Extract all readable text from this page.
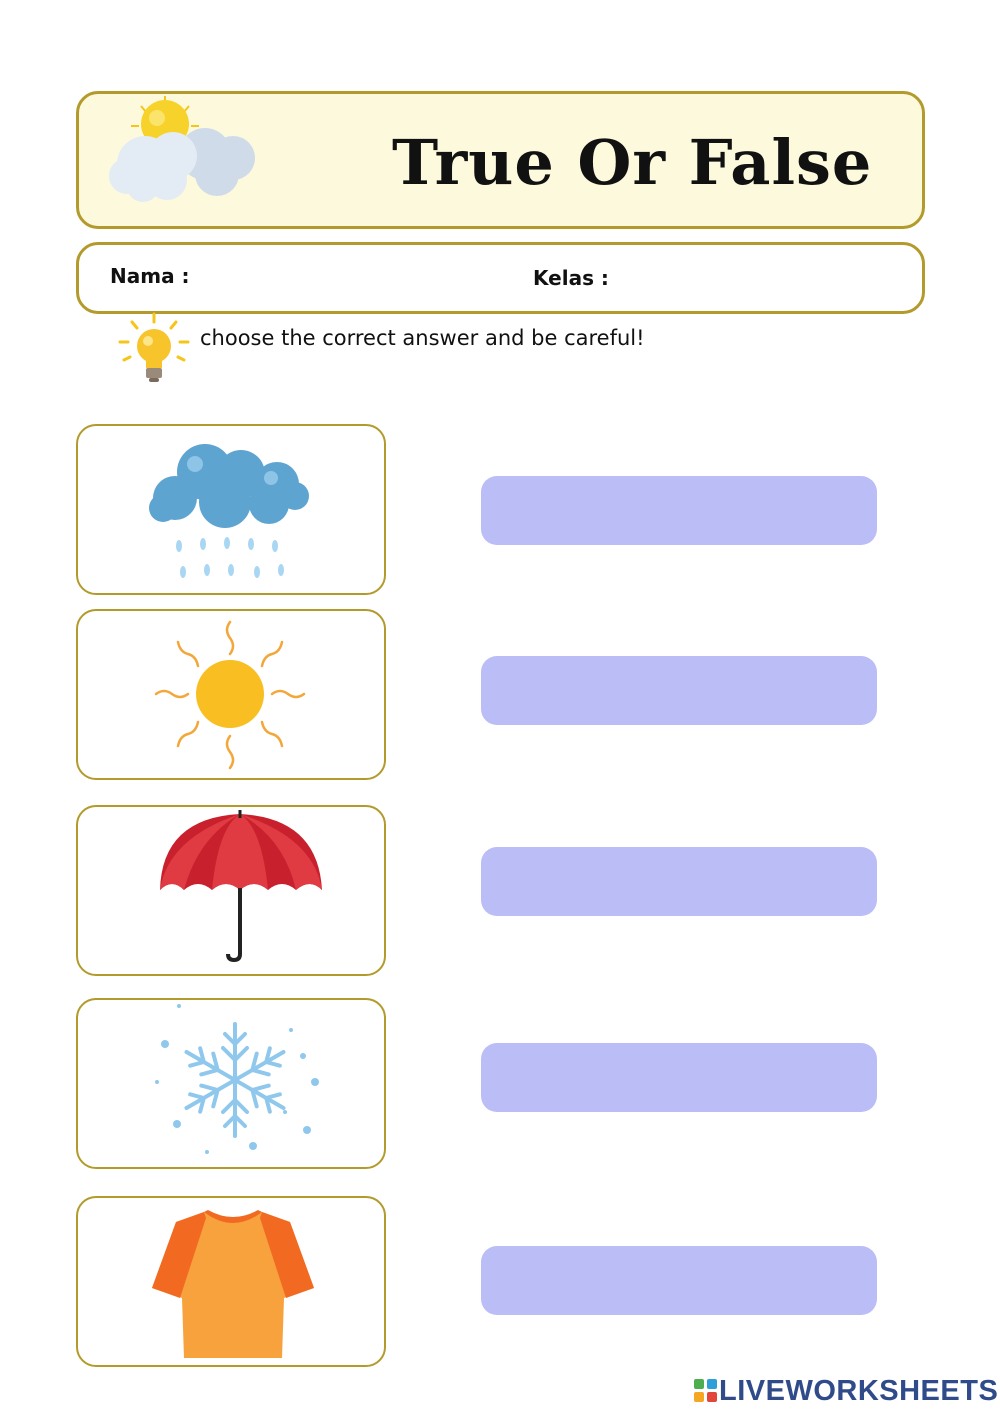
True Or False
Nama :	Kelas :
choose the correct answer and be careful!
LIVEWORKSHEETS
